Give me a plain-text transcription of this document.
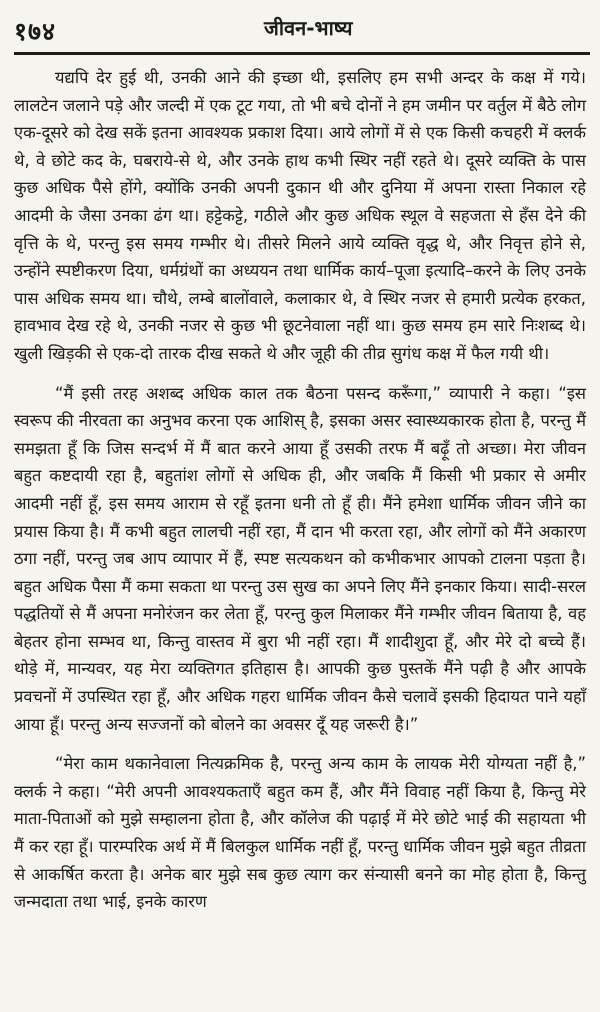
१७४	जीवन-भाष्य

यद्यपि देर हुई थी, उनकी आने की इच्छा थी, इसलिए हम सभी अन्दर के कक्ष में गये। लालटेन जलाने पड़े और जल्दी में एक टूट गया, तो भी बचे दोनों ने हम जमीन पर वर्तुल में बैठे लोग एक-दूसरे को देख सकें इतना आवश्यक प्रकाश दिया। आये लोगों में से एक किसी कचहरी में क्लर्क थे, वे छोटे कद के, घबराये-से थे, और उनके हाथ कभी स्थिर नहीं रहते थे। दूसरे व्यक्ति के पास कुछ अधिक पैसे होंगे, क्योंकि उनकी अपनी दुकान थी और दुनिया में अपना रास्ता निकाल रहे आदमी के जैसा उनका ढंग था। हट्टेकट्टे, गठीले और कुछ अधिक स्थूल वे सहजता से हँस देने की वृत्ति के थे, परन्तु इस समय गम्भीर थे। तीसरे मिलने आये व्यक्ति वृद्ध थे, और निवृत्त होने से, उन्होंने स्पष्टीकरण दिया, धर्मग्रंथों का अध्ययन तथा धार्मिक कार्य–पूजा इत्यादि–करने के लिए उनके पास अधिक समय था। चौथे, लम्बे बालोंवाले, कलाकार थे, वे स्थिर नजर से हमारी प्रत्येक हरकत, हावभाव देख रहे थे, उनकी नजर से कुछ भी छूटनेवाला नहीं था। कुछ समय हम सारे निःशब्द थे। खुली खिड़की से एक-दो तारक दीख सकते थे और जूही की तीव्र सुगंध कक्ष में फैल गयी थी।

“मैं इसी तरह अशब्द अधिक काल तक बैठना पसन्द करूँगा,” व्यापारी ने कहा। “इस स्वरूप की नीरवता का अनुभव करना एक आशिस् है, इसका असर स्वास्थ्यकारक होता है, परन्तु मैं समझता हूँ कि जिस सन्दर्भ में मैं बात करने आया हूँ उसकी तरफ मैं बढ़ूँ तो अच्छा। मेरा जीवन बहुत कष्टदायी रहा है, बहुतांश लोगों से अधिक ही, और जबकि मैं किसी भी प्रकार से अमीर आदमी नहीं हूँ, इस समय आराम से रहूँ इतना धनी तो हूँ ही। मैंने हमेशा धार्मिक जीवन जीने का प्रयास किया है। मैं कभी बहुत लालची नहीं रहा, मैं दान भी करता रहा, और लोगों को मैंने अकारण ठगा नहीं, परन्तु जब आप व्यापार में हैं, स्पष्ट सत्यकथन को कभीकभार आपको टालना पड़ता है। बहुत अधिक पैसा मैं कमा सकता था परन्तु उस सुख का अपने लिए मैंने इनकार किया। सादी-सरल पद्धतियों से मैं अपना मनोरंजन कर लेता हूँ, परन्तु कुल मिलाकर मैंने गम्भीर जीवन बिताया है, वह बेहतर होना सम्भव था, किन्तु वास्तव में बुरा भी नहीं रहा। मैं शादीशुदा हूँ, और मेरे दो बच्चे हैं। थोड़े में, मान्यवर, यह मेरा व्यक्तिगत इतिहास है। आपकी कुछ पुस्तकें मैंने पढ़ी है और आपके प्रवचनों में उपस्थित रहा हूँ, और अधिक गहरा धार्मिक जीवन कैसे चलावें इसकी हिदायत पाने यहाँ आया हूँ। परन्तु अन्य सज्जनों को बोलने का अवसर दूँ यह जरूरी है।”

“मेरा काम थकानेवाला नित्यक्रमिक है, परन्तु अन्य काम के लायक मेरी योग्यता नहीं है,” क्लर्क ने कहा। “मेरी अपनी आवश्यकताएँ बहुत कम हैं, और मैंने विवाह नहीं किया है, किन्तु मेरे माता-पिताओं को मुझे सम्हालना होता है, और कॉलेज की पढ़ाई में मेरे छोटे भाई की सहायता भी मैं कर रहा हूँ। पारम्परिक अर्थ में मैं बिलकुल धार्मिक नहीं हूँ, परन्तु धार्मिक जीवन मुझे बहुत तीव्रता से आकर्षित करता है। अनेक बार मुझे सब कुछ त्याग कर संन्यासी बनने का मोह होता है, किन्तु जन्मदाता तथा भाई, इनके कारण
